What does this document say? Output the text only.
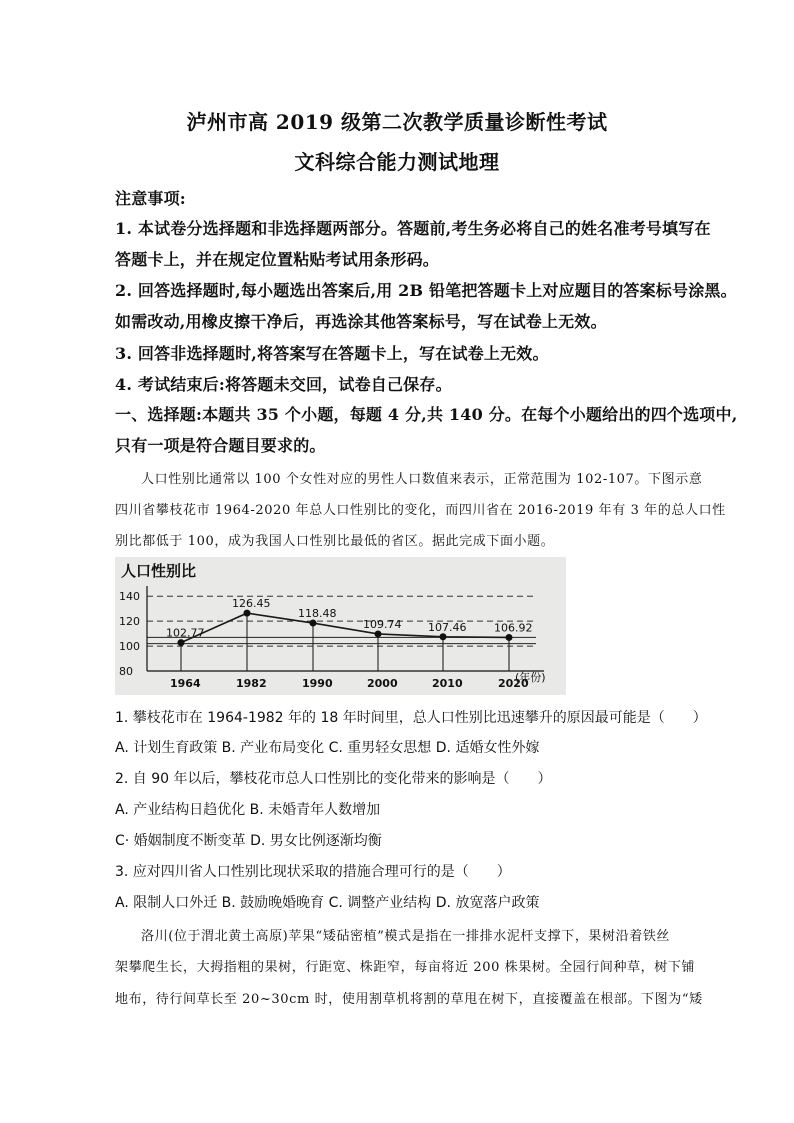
泸州市高 2019 级第二次教学质量诊断性考试
文科综合能力测试地理
注意事项:
1. 本试卷分选择题和非选择题两部分。答题前,考生务必将自己的姓名准考号填写在
答题卡上，并在规定位置粘贴考试用条形码。
2. 回答选择题时,每小题选出答案后,用 2B 铅笔把答题卡上对应题目的答案标号涂黑。
如需改动,用橡皮擦干净后，再选涂其他答案标号，写在试卷上无效。
3. 回答非选择题时,将答案写在答题卡上，写在试卷上无效。
4. 考试结束后:将答题未交回，试卷自己保存。
一、选择题:本题共 35 个小题，每题 4 分,共 140 分。在每个小题给出的四个选项中,
只有一项是符合题目要求的。
人口性别比通常以 100 个女性对应的男性人口数值来表示，正常范围为 102-107。下图示意
四川省攀枝花市 1964-2020 年总人口性别比的变化，而四川省在 2016-2019 年有 3 年的总人口性
别比都低于 100，成为我国人口性别比最低的省区。据此完成下面小题。
人口性别比
80
100
120
140
1964	1982	1990	2000	2010	2020
102.77
126.45
118.48
109.74 107.46	106.92
(年份)
1. 攀枝花市在 1964-1982 年的 18 年时间里，总人口性别比迅速攀升的原因最可能是（　　）
A. 计划生育政策 B. 产业布局变化 C. 重男轻女思想 D. 适婚女性外嫁
2. 自 90 年以后，攀枝花市总人口性别比的变化带来的影响是（　　）
A. 产业结构日趋优化 B. 未婚青年人数增加
C· 婚姻制度不断变革 D. 男女比例逐渐均衡
3. 应对四川省人口性别比现状采取的措施合理可行的是（　　）
A. 限制人口外迁 B. 鼓励晚婚晚育 C. 调整产业结构 D. 放宽落户政策
洛川(位于渭北黄土高原)苹果“矮砧密植”模式是指在一排排水泥杆支撑下，果树沿着铁丝
架攀爬生长，大拇指粗的果树，行距宽、株距窄，每亩将近 200 株果树。全园行间种草，树下铺
地布，待行间草长至 20~30cm 时，使用割草机将割的草甩在树下，直接覆盖在根部。下图为“矮
